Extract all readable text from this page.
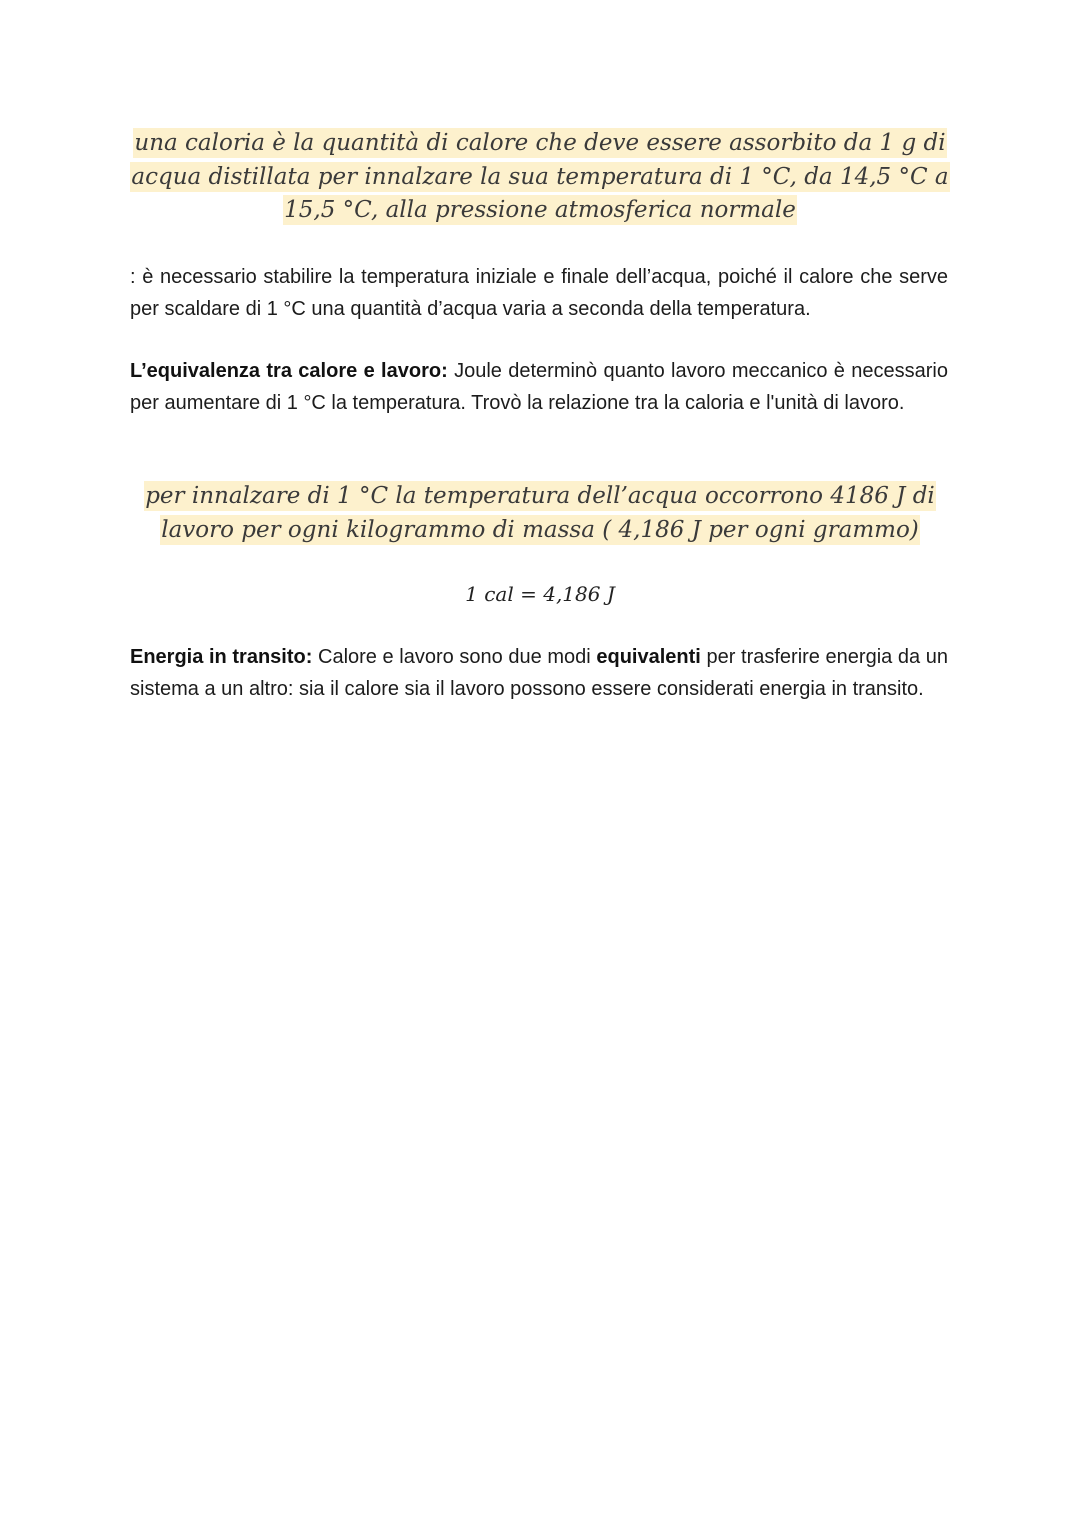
una caloria è la quantità di calore che deve essere assorbito da 1 g di acqua distillata per innalzare la sua temperatura di 1 °C, da 14,5 °C a 15,5 °C, alla pressione atmosferica normale
: è necessario stabilire la temperatura iniziale e finale dell’acqua, poiché il calore che serve per scaldare di 1 °C una quantità d’acqua varia a seconda della temperatura.
L’equivalenza tra calore e lavoro: Joule determinò quanto lavoro meccanico è necessario per aumentare di 1 °C la temperatura. Trovò la relazione tra la caloria e l'unità di lavoro.
per innalzare di 1 °C la temperatura dell’acqua occorrono 4186 J di lavoro per ogni kilogrammo di massa ( 4,186 J per ogni grammo)
1 cal = 4,186 J
Energia in transito: Calore e lavoro sono due modi equivalenti per trasferire energia da un sistema a un altro: sia il calore sia il lavoro possono essere considerati energia in transito.
